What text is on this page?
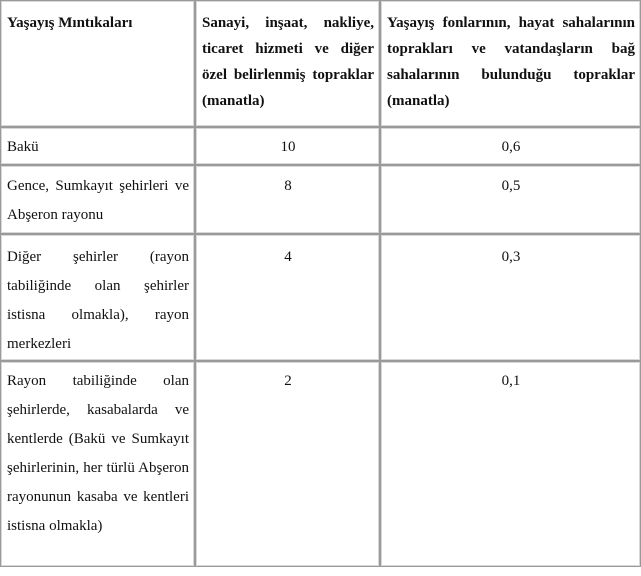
Yaşayış Mıntıkaları	Sanayi, inşaat, nakliye, ticaret hizmeti ve diğer özel belirlenmiş topraklar (manatla)	Yaşayış fonlarının, hayat sahalarının toprakları ve vatandaşların bağ sahalarının bulunduğu topraklar (manatla)
Bakü	10	0,6
Gence, Sumkayıt şehirleri ve Abşeron rayonu	8	0,5
Diğer şehirler (rayon tabiliğinde olan şehirler istisna olmakla), rayon merkezleri	4	0,3
Rayon tabiliğinde olan şehirlerde, kasabalarda ve kentlerde (Bakü ve Sumkayıt şehirlerinin, her türlü Abşeron rayonunun kasaba ve kentleri istisna olmakla)	2	0,1
